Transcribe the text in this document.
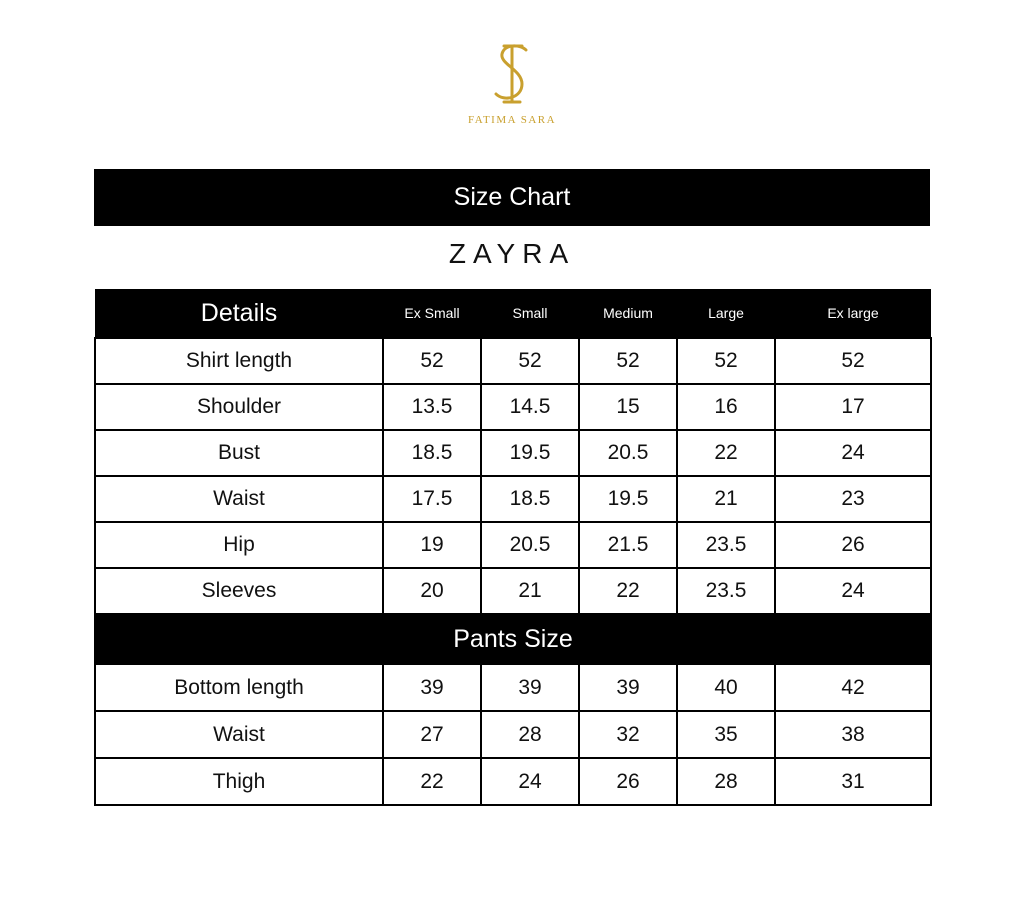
FATIMA SARA
Size Chart
ZAYRA
Details	Ex Small	Small	Medium	Large	Ex large
Shirt length	52	52	52	52	52
Shoulder	13.5	14.5	15	16	17
Bust	18.5	19.5	20.5	22	24
Waist	17.5	18.5	19.5	21	23
Hip	19	20.5	21.5	23.5	26
Sleeves	20	21	22	23.5	24
Pants Size					
Bottom length	39	39	39	40	42
Waist	27	28	32	35	38
Thigh	22	24	26	28	31
